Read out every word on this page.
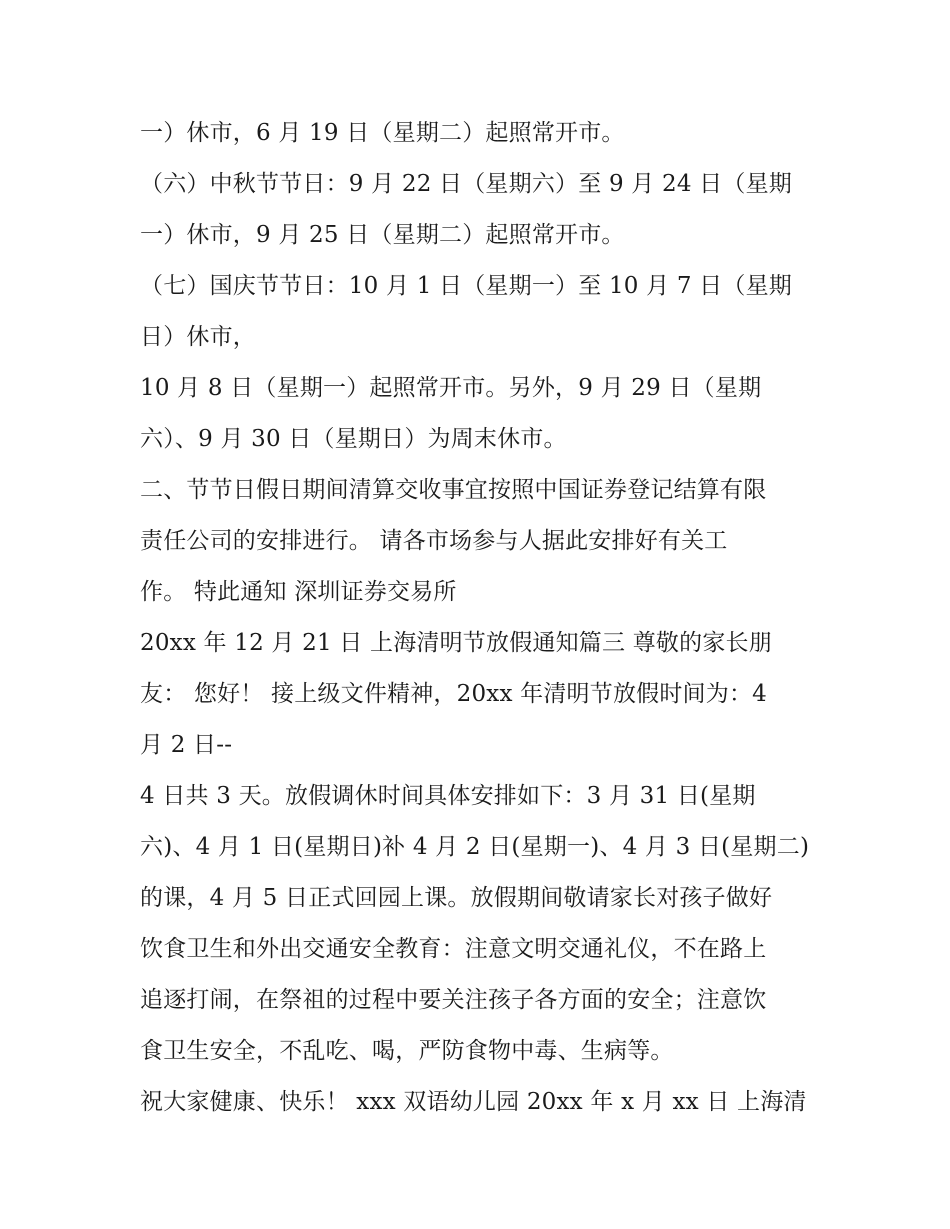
一）休市，6 月 19 日（星期二）起照常开市。
（六）中秋节节日：9 月 22 日（星期六）至 9 月 24 日（星期
一）休市，9 月 25 日（星期二）起照常开市。
（七）国庆节节日：10 月 1 日（星期一）至 10 月 7 日（星期
日）休市，
10 月 8 日（星期一）起照常开市。另外，9 月 29 日（星期
六）、9 月 30 日（星期日）为周末休市。
二、节节日假日期间清算交收事宜按照中国证券登记结算有限
责任公司的安排进行。 请各市场参与人据此安排好有关工
作。 特此通知 深圳证券交易所
20xx 年 12 月 21 日 上海清明节放假通知篇三 尊敬的家长朋
友： 您好！ 接上级文件精神，20xx 年清明节放假时间为：4
月 2 日--
4 日共 3 天。放假调休时间具体安排如下：3 月 31 日(星期
六)、4 月 1 日(星期日)补 4 月 2 日(星期一)、4 月 3 日(星期二)
的课，4 月 5 日正式回园上课。放假期间敬请家长对孩子做好
饮食卫生和外出交通安全教育：注意文明交通礼仪，不在路上
追逐打闹，在祭祖的过程中要关注孩子各方面的安全；注意饮
食卫生安全，不乱吃、喝，严防食物中毒、生病等。
祝大家健康、快乐！ xxx 双语幼儿园 20xx 年 x 月 xx 日 上海清
